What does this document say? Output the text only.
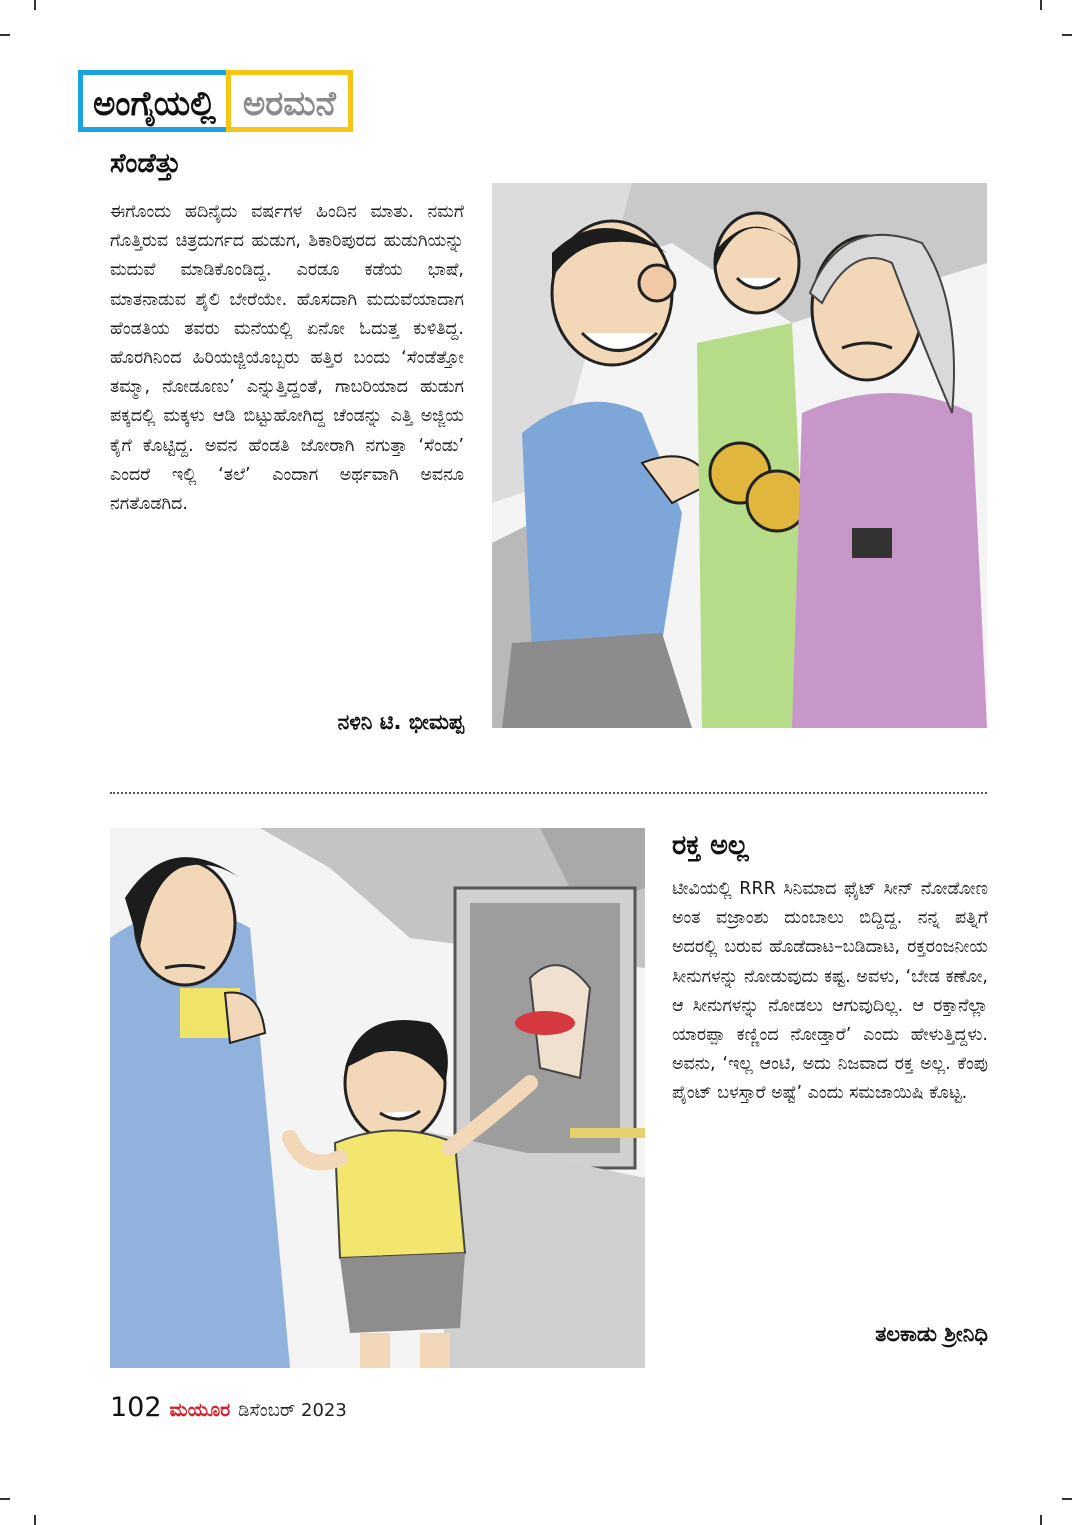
ಅಂಗೈಯಲ್ಲಿ ಅರಮನೆ
ಸೆಂಡೆತ್ತು

ಈಗೊಂದು ಹದಿನೈದು ವರ್ಷಗಳ ಹಿಂದಿನ ಮಾತು. ನಮಗೆ ಗೊತ್ತಿರುವ ಚಿತ್ರದುರ್ಗದ ಹುಡುಗ, ಶಿಕಾರಿಪುರದ ಹುಡುಗಿಯನ್ನು ಮದುವೆ ಮಾಡಿಕೊಂಡಿದ್ದ. ಎರಡೂ ಕಡೆಯ ಭಾಷೆ, ಮಾತನಾಡುವ ಶೈಲಿ ಬೇರೆಯೇ. ಹೊಸದಾಗಿ ಮದುವೆಯಾದಾಗ ಹೆಂಡತಿಯ ತವರು ಮನೆಯಲ್ಲಿ ಏನೋ ಓದುತ್ತ ಕುಳಿತಿದ್ದ. ಹೊರಗಿನಿಂದ ಹಿರಿಯಜ್ಜಿಯೊಬ್ಬರು ಹತ್ತಿರ ಬಂದು ‘ಸೆಂಡೆತ್ತೋ ತಮ್ಮಾ, ನೋಡೂಣು’ ಎನ್ನುತ್ತಿದ್ದಂತೆ, ಗಾಬರಿಯಾದ ಹುಡುಗ ಪಕ್ಕದಲ್ಲಿ ಮಕ್ಕಳು ಆಡಿ ಬಿಟ್ಟುಹೋಗಿದ್ದ ಚೆಂಡನ್ನು ಎತ್ತಿ ಅಜ್ಜಿಯ ಕೈಗೆ ಕೊಟ್ಟಿದ್ದ. ಅವನ ಹೆಂಡತಿ ಜೋರಾಗಿ ನಗುತ್ತಾ ‘ಸೆಂಡು’ ಎಂದರೆ ಇಲ್ಲಿ ‘ತಲೆ’ ಎಂದಾಗ ಅರ್ಥವಾಗಿ ಅವನೂ ನಗತೊಡಗಿದ.

ನಳಿನಿ ಟಿ. ಭೀಮಪ್ಪ
ರಕ್ತ ಅಲ್ಲ

ಟೀವಿಯಲ್ಲಿ RRR ಸಿನಿಮಾದ ಫೈಟ್ ಸೀನ್ ನೋಡೋಣ ಅಂತ ವಜ್ರಾಂಶು ದುಂಬಾಲು ಬಿದ್ದಿದ್ದ. ನನ್ನ ಪತ್ನಿಗೆ ಅದರಲ್ಲಿ ಬರುವ ಹೊಡೆದಾಟ–ಬಡಿದಾಟ, ರಕ್ತರಂಜನೀಯ ಸೀನುಗಳನ್ನು ನೋಡುವುದು ಕಷ್ಟ. ಅವಳು, ‘ಬೇಡ ಕಣೋ, ಆ ಸೀನುಗಳನ್ನು ನೋಡಲು ಆಗುವುದಿಲ್ಲ. ಆ ರಕ್ತಾನೆಲ್ಲಾ ಯಾರಪ್ಪಾ ಕಣ್ಣಿಂದ ನೋಡ್ತಾರೆ’ ಎಂದು ಹೇಳುತ್ತಿದ್ದಳು. ಅವನು, ‘ಇಲ್ಲ ಆಂಟಿ, ಅದು ನಿಜವಾದ ರಕ್ತ ಅಲ್ಲ. ಕೆಂಪು ಪೈಂಟ್ ಬಳಸ್ತಾರೆ ಅಷ್ಟೆ’ ಎಂದು ಸಮಜಾಯಿಷಿ ಕೊಟ್ಟ.

ತಲಕಾಡು ಶ್ರೀನಿಧಿ
102 ಮಯೂರ ಡಿಸೆಂಬರ್ 2023
